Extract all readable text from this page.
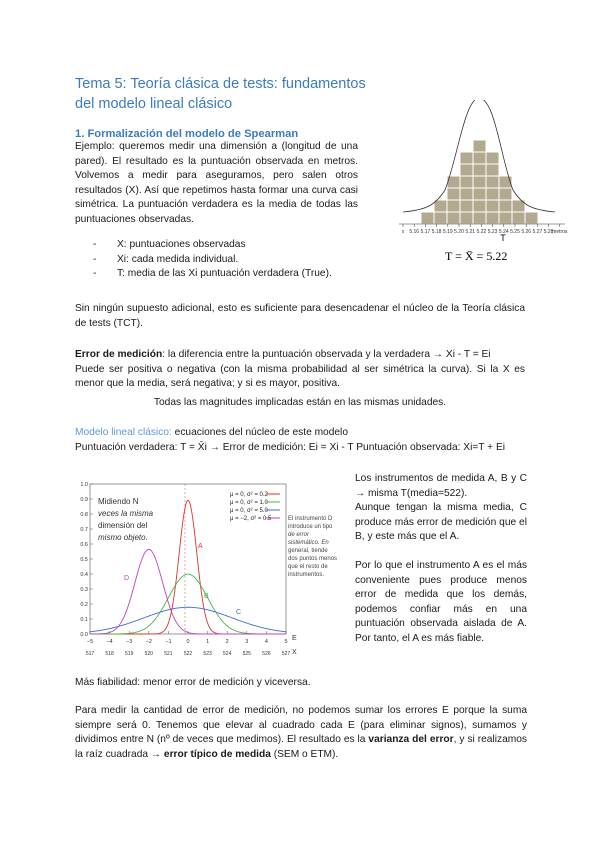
Tema 5: Teoría clásica de tests: fundamentos del modelo lineal clásico
1. Formalización del modelo de Spearman
Ejemplo: queremos medir una dimensión a (longitud de una pared). El resultado es la puntuación observada en metros. Volvemos a medir para aseguramos, pero salen otros resultados (X). Así que repetimos hasta formar una curva casi simétrica. La puntuación verdadera es la media de todas las puntuaciones observadas.
- X: puntuaciones observadas
- Xi: cada medida individual.
- T: media de las Xi puntuación verdadera (True).
x 5.16 5.17 5.18 5.19 5.20 5.21 5.22 5.23 5.24 5.25 5.26 5.27 5.28
metros
T
T = X̄ = 5.22
Sin ningún supuesto adicional, esto es suficiente para desencadenar el núcleo de la Teoría clásica de tests (TCT).
Error de medición: la diferencia entre la puntuación observada y la verdadera → Xi - T = Ei
Puede ser positiva o negativa (con la misma probabilidad al ser simétrica la curva). Si la X es menor que la media, será negativa; y si es mayor, positiva.
Todas las magnitudes implicadas están en las mismas unidades.
Modelo lineal clásico: ecuaciones del núcleo de este modelo
Puntuación verdadera: T = X̄i → Error de medición: Ei = Xi - T Puntuación observada: Xi=T + Ei
1.0
0.9
0.8
0.7
0.6
0.5
0.4
0.3
0.2
0.1
0.0
−5
517
−4
518
−3
519
−2
520
−1
521
0
522
1
523
2
524
3
525
4
526
5
527
Midiendo N
veces la misma
dimensión del
mismo objeto.
μ = 0, σ² = 0.2
μ = 0, σ² = 1.0
μ = 0, σ² = 5.0
μ = −2, σ² = 0.5
A
B
C
D
El instrumento D
introduce un tipo
de error
sistemático. En
general, tiende
dos puntos menos
que el resto de
instrumentos.
E
X

Los instrumentos de medida A, B y C → misma T(media=522).

Aunque tengan la misma media, C produce más error de medición que el B, y este más que el A.

Por lo que el instrumento A es el más conveniente pues produce menos error de medida que los demás, podemos confiar más en una puntuación observada aislada de A. Por tanto, el A es más fiable.

Más fiabilidad: menor error de medición y viceversa.
Para medir la cantidad de error de medición, no podemos sumar los errores E porque la suma siempre será 0. Tenemos que elevar al cuadrado cada E (para eliminar signos), sumamos y dividimos entre N (nº de veces que medimos). El resultado es la varianza del error, y si realizamos la raíz cuadrada → error típico de medida (SEM o ETM).
